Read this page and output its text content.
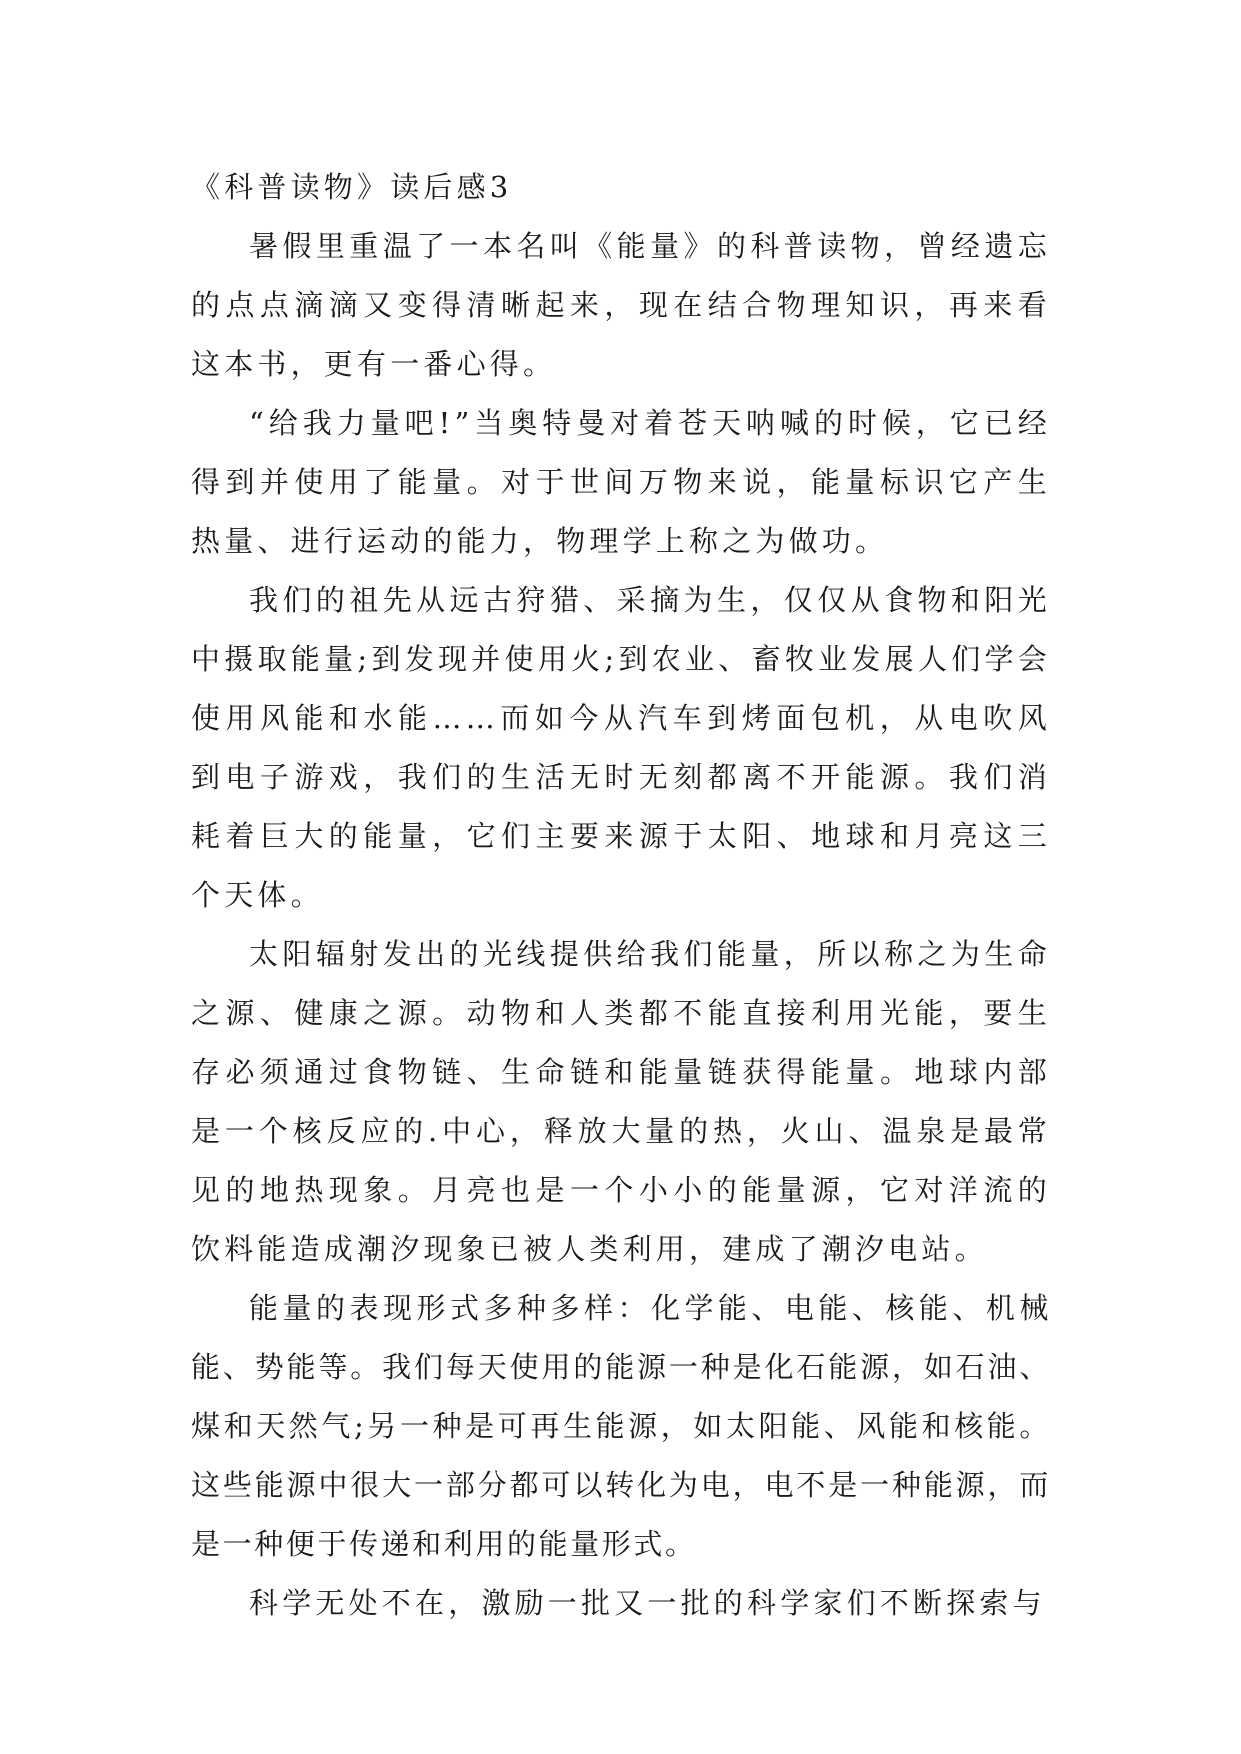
《科普读物》读后感3

暑假里重温了一本名叫《能量》的科普读物，曾经遗忘的点点滴滴又变得清晰起来，现在结合物理知识，再来看这本书，更有一番心得。

“给我力量吧!”当奥特曼对着苍天呐喊的时候，它已经得到并使用了能量。对于世间万物来说，能量标识它产生热量、进行运动的能力，物理学上称之为做功。

我们的祖先从远古狩猎、采摘为生，仅仅从食物和阳光中摄取能量;到发现并使用火;到农业、畜牧业发展人们学会使用风能和水能……而如今从汽车到烤面包机，从电吹风到电子游戏，我们的生活无时无刻都离不开能源。我们消耗着巨大的能量，它们主要来源于太阳、地球和月亮这三个天体。

太阳辐射发出的光线提供给我们能量，所以称之为生命之源、健康之源。动物和人类都不能直接利用光能，要生存必须通过食物链、生命链和能量链获得能量。地球内部是一个核反应的.中心，释放大量的热，火山、温泉是最常见的地热现象。月亮也是一个小小的能量源，它对洋流的饮料能造成潮汐现象已被人类利用，建成了潮汐电站。

能量的表现形式多种多样：化学能、电能、核能、机械能、势能等。我们每天使用的能源一种是化石能源，如石油、煤和天然气;另一种是可再生能源，如太阳能、风能和核能。这些能源中很大一部分都可以转化为电，电不是一种能源，而是一种便于传递和利用的能量形式。

科学无处不在，激励一批又一批的科学家们不断探索与
